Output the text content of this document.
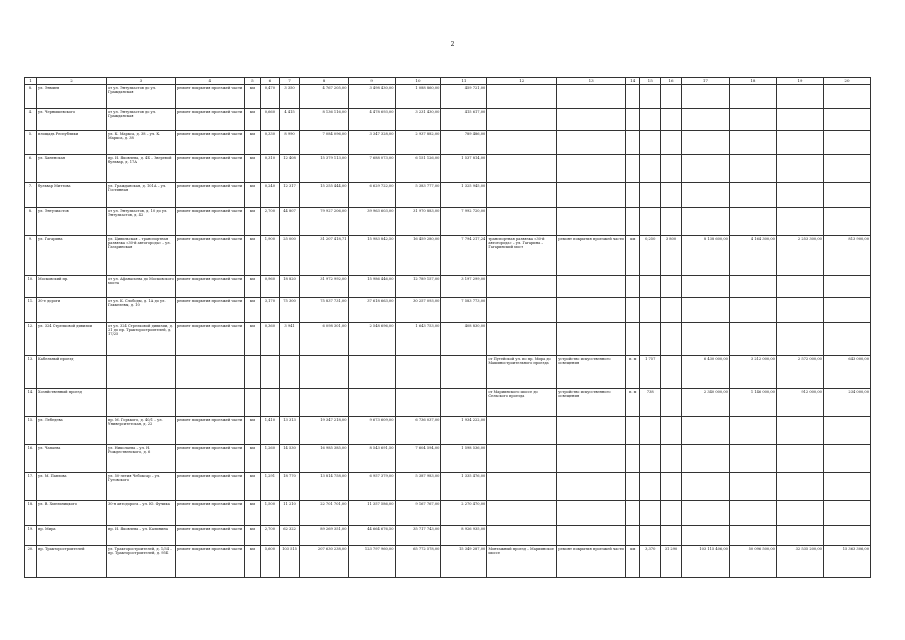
2
1	2	3	4	5	6	7	8	9	10	11	12	13	14	15	16	17	18	19	20
8.	ул. Энмиев	от ул. Энтузиастов до ул. Гражданская	ремонт покрытия проезжей части	км	0,470	3 350	4 767 205,00	3 498 430,00	1 088 860,00	459 721,00									
4.	ул. Чернышевского	от ул. Энтузиастов до ул. Гражданская	ремонт покрытия проезжей части	км	0,660	4 415	8 136 116,00	4 478 693,00	3 231 430,00	415 617,00									
5.	площадь Республики	ул. К. Маркса, д. 38 – ул. К. Маркса, д. 38	ремонт покрытия проезжей части	км	0,330	8 990	7 084 096,00	3 347 328,00	2 937 882,00	789 486,00									
6.	ул. Ханенская	пр. И. Яковлева, д. 4Б – Зверевой бульвар, д. 17А	ремонт покрытия проезжей части	км	0,310	12 408	15 379 113,00	7 688 073,00	6 151 126,00	1 537 814,00									
7.	бульвар Миттова	ул. Гражданская, д. 101А – ул. Гостинная	ремонт покрытия проезжей части	км	0,240	12 317	15 255 444,00	6 629 722,00	5 383 777,00	1 325 945,00									
8.	ул. Энтузиастов	от ул. Энтузиастов, д. 10 до ул. Энтузиастов, д. 42	ремонт покрытия проезжей части	км	2,700	44 807	79 927 206,00	39 963 603,00	31 970 883,00	7 992 720,00									
9.	ул. Гагарина	ул. Цивильская – транспортная развязка «30-й автогорода» – ул. Гагаринская	ремонт покрытия проезжей части	км	1,900	25 000	31 207 418,71	15 983 842,50	16 459 280,00	7 794 217,24	транспортная развязка «30-й автогорода» – ул. Гагарина – Гагаринский мост	ремонт покрытия проезжей части	км	0,250	3 800	8 138 600,00	4 164 300,00	2 253 300,00	813 900,00
10.	Московский пр.	от ул. Афанасьева до Московского моста	ремонт покрытия проезжей части	км	0,960	18 820	31 972 992,00	15 986 446,00	12 789 157,00	3 197 299,00									
11.	30-е дороги	от ул. К. Слободы, д. 1А до ул. Гаккелевы, д. 10	ремонт покрытия проезжей части	км	3,170	75 300	75 837 731,00	37 618 663,00	30 257 093,00	7 583 773,00									
12.	ул. 324 Стрелковой дивизии	от ул. 324 Стрелковой дивизии, д. 21 до пр. Тракторостроителей, д. 17/25	ремонт покрытия проезжей части	км	0,360	3 941	6 098 301,00	2 548 696,00	1 643 753,00	408 830,00									
13.	Кабельный проезд										от Путейской ул. по пр. Мира до Машиностроительного проезда	устройство искусственного освещения	п. м	1 757		6 430 000,00	3 212 000,00	2 572 000,00	643 000,00
14.	Хозяйственный проезд										от Мариинского шоссе до Сельского проезда	устройство искусственного освещения	п. м	738		2 340 000,00	1 146 000,00	912 000,00	234 000,00
15.	ул. Лебедева	пр. М. Горького, д. 40/1 – ул. Университетская, д. 22	ремонт покрытия проезжей части	км	1,410	13 313	19 347 218,00	9 673 609,00	6 736 037,00	1 934 222,00									
16.	ул. Чапаева	ул. Николаева – ул. Н. Рождественского, д. 6	ремонт покрытия проезжей части	км	1,260	14 530	16 985 385,00	8 543 691,50	7 604 594,00	1 598 536,00									
17.	ул. М. Павлова	ул. 50-летия Чебоксар – ул. Гуговского	ремонт покрытия проезжей части	км	1,291	18 770	13 814 758,00	6 957 379,00	5 387 983,00	1 335 476,00									
18.	ул. В. Хмельницкого	30-я автодорога – ул. Ю. Фучика	ремонт покрытия проезжей части	км	1,500	11 210	22 701 701,00	11 357 586,00	9 167 767,00	2 270 470,00									
19.	пр. Мира	пр. И. Яковлева – ул. Калинина	ремонт покрытия проезжей части	км	2,700	62 322	89 269 351,00	44 664 676,50	35 717 743,00	8 926 935,00									
20.	пр. Тракторостроителей	ул. Тракторостроителей, д. 1/34 – пр. Тракторостроителей, д. 95Б	ремонт покрытия проезжей части	км	5,600	103 515	207 630 238,00	123 797 960,00	65 772 578,00	15 349 287,00	Монтажный проезд – Мариинское шоссе	ремонт покрытия проезжей части	км	3,370	31 290	103 115 406,00	50 096 500,00	32 535 200,00	15 363 306,00
